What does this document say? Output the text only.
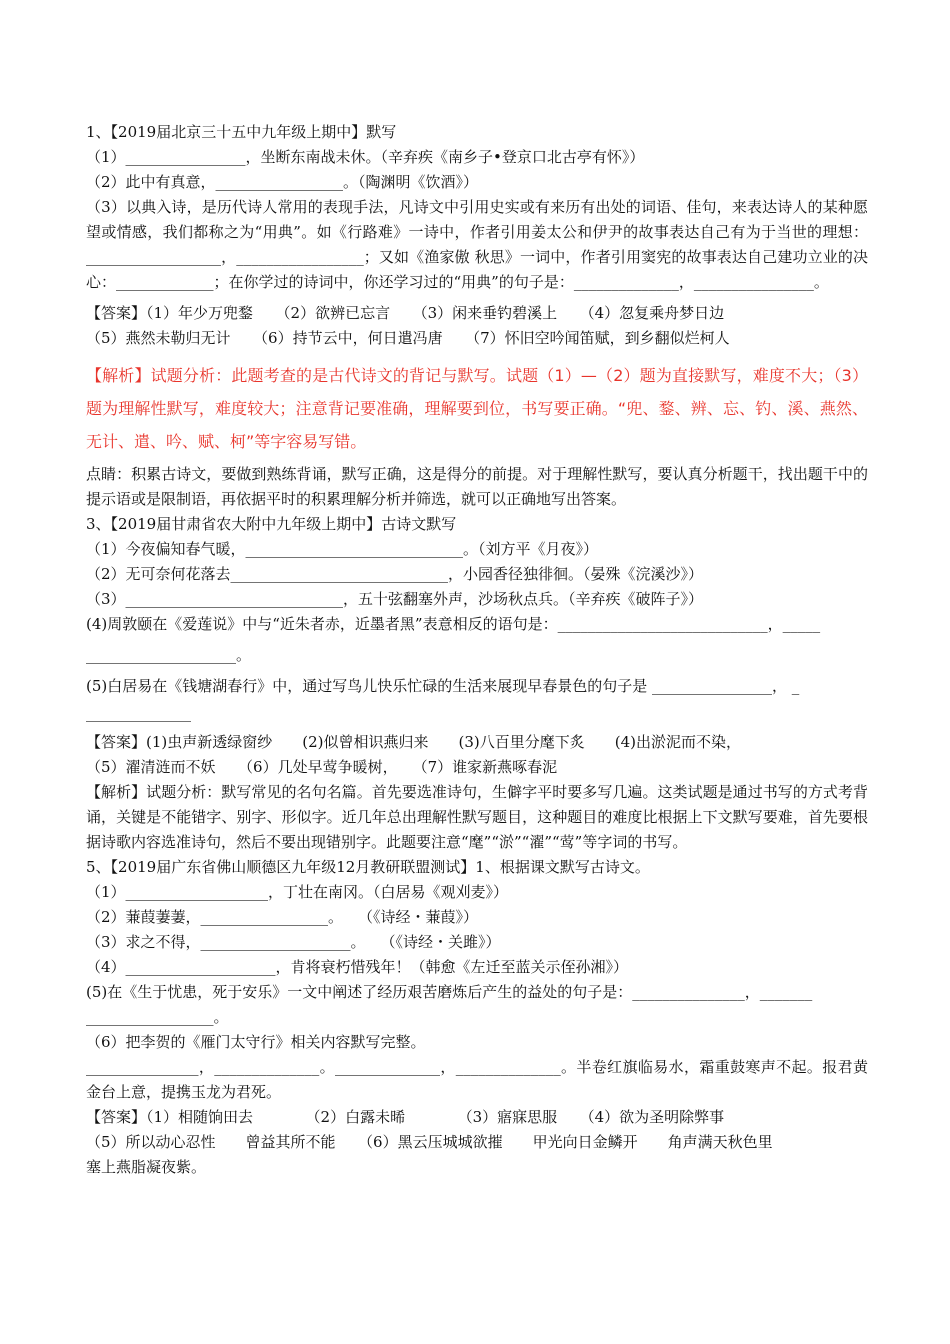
1、【2019届北京三十五中九年级上期中】默写
（1）________________，坐断东南战未休。（辛弃疾《南乡子•登京口北古亭有怀》）
（2）此中有真意，_________________。（陶渊明《饮酒》）
（3）以典入诗，是历代诗人常用的表现手法，凡诗文中引用史实或有来历有出处的词语、佳句，来表达诗人的某种愿望或情感，我们都称之为“用典”。如《行路难》一诗中，作者引用姜太公和伊尹的故事表达自己有为于当世的理想：__________________，_________________；又如《渔家傲 秋思》一词中，作者引用窦宪的故事表达自己建功立业的决心：_____________；在你学过的诗词中，你还学习过的“用典”的句子是：______________，________________。
【答案】（1）年少万兜鍪　　（2）欲辨已忘言　　（3）闲来垂钓碧溪上　　（4）忽复乘舟梦日边
（5）燕然未勒归无计　　（6）持节云中，何日遣冯唐　　（7）怀旧空吟闻笛赋，到乡翻似烂柯人
【解析】试题分析：此题考查的是古代诗文的背记与默写。试题（1）—（2）题为直接默写，难度不大；（3）题为理解性默写，难度较大；注意背记要准确，理解要到位，书写要正确。“兜、鍪、辨、忘、钓、溪、燕然、无计、遣、吟、赋、柯”等字容易写错。
点睛：积累古诗文，要做到熟练背诵，默写正确，这是得分的前提。对于理解性默写，要认真分析题干，找出题干中的提示语或是限制语，再依据平时的积累理解分析并筛选，就可以正确地写出答案。
3、【2019届甘肃省农大附中九年级上期中】古诗文默写
（1）今夜偏知春气暖，_____________________________。（刘方平《月夜》）
（2）无可奈何花落去_____________________________，小园香径独徘徊。（晏殊《浣溪沙》）
（3）_____________________________，五十弦翻塞外声，沙场秋点兵。（辛弃疾《破阵子》）
(4)周敦颐在《爱莲说》中与“近朱者赤，近墨者黑”表意相反的语句是：____________________________，_____
____________________。
(5)白居易在《钱塘湖春行》中，通过写鸟儿快乐忙碌的生活来展现早春景色的句子是 ________________， _
______________
【答案】(1)虫声新透绿窗纱　　(2)似曾相识燕归来　　(3)八百里分麾下炙　　(4)出淤泥而不染，
（5）濯清涟而不妖　　（6）几处早莺争暖树，　　（7）谁家新燕啄春泥
【解析】试题分析：默写常见的名句名篇。首先要选准诗句，生僻字平时要多写几遍。这类试题是通过书写的方式考背诵，关键是不能错字、别字、形似字。近几年总出理解性默写题目，这种题目的难度比根据上下文默写要难，首先要根据诗歌内容选准诗句，然后不要出现错别字。此题要注意“麾”“淤”“濯”“莺”等字词的书写。
5、【2019届广东省佛山顺德区九年级12月教研联盟测试】1、根据课文默写古诗文。
（1）___________________，丁壮在南冈。（白居易《观刈麦》）
（2）蒹葭萋萋，_________________。　　（《诗经・蒹葭》）
（3）求之不得，____________________。　　（《诗经・关雎》）
（4）____________________，肯将衰朽惜残年！（韩愈《左迁至蓝关示侄孙湘》）
(5)在《生于忧患，死于安乐》一文中阐述了经历艰苦磨炼后产生的益处的句子是：_______________，_______
_________________。
（6）把李贺的《雁门太守行》相关内容默写完整。
_______________，______________。______________，______________。半卷红旗临易水，霜重鼓寒声不起。报君黄金台上意，提携玉龙为君死。
【答案】（1）相随饷田去　　　　（2）白露未晞　　　　（3）寤寐思服　　（4）欲为圣明除弊事
（5）所以动心忍性　　曾益其所不能　　（6）黑云压城城欲摧　　甲光向日金鳞开　　角声满天秋色里
塞上燕脂凝夜紫。
